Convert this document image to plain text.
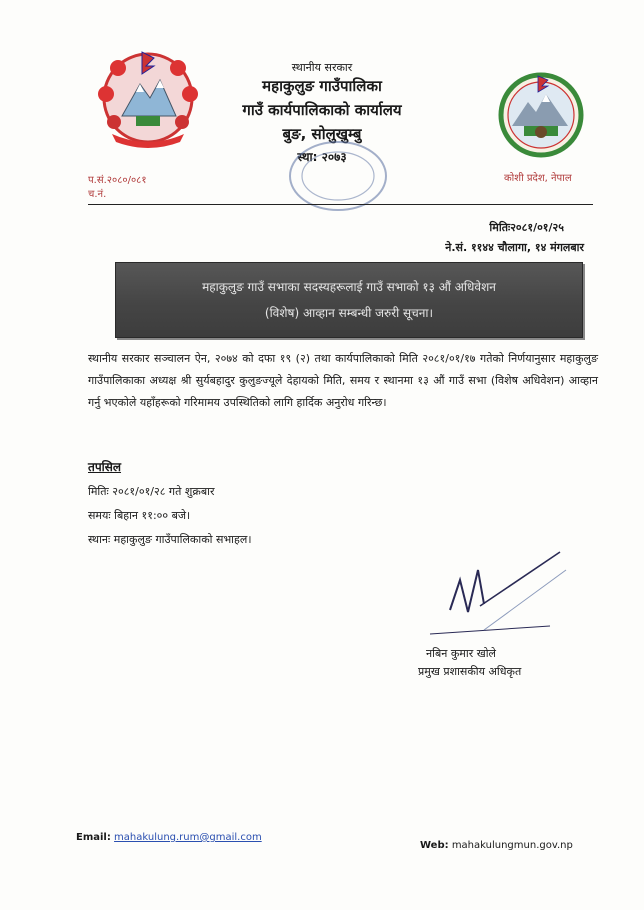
स्थानीय सरकार
महाकुलुङ गाउँपालिका
गाउँ कार्यपालिकाको कार्यालय
बुङ, सोलुखुम्बु
स्था: २०७३
प.सं.२०८०/०८१
च.नं.
कोशी प्रदेश, नेपाल
मितिः२०८१/०१/२५
ने.सं. ११४४ चौलागा, १४ मंगलबार
महाकुलुङ गाउँ सभाका सदस्यहरूलाई गाउँ सभाको १३ औं अधिवेशन
(विशेष) आव्हान सम्बन्धी जरुरी सूचना।
स्थानीय सरकार सञ्चालन ऐन, २०७४ को दफा १९ (२) तथा कार्यपालिकाको मिति २०८१/०१/१७ गतेको निर्णयानुसार महाकुलुङ गाउँपालिकाका अध्यक्ष श्री सुर्यबहादुर कुलुङज्यूले देहायको मिति, समय र स्थानमा १३ औं गाउँ सभा (विशेष अधिवेशन) आव्हान गर्नु भएकोले यहाँहरूको गरिमामय उपस्थितिको लागि हार्दिक अनुरोध गरिन्छ।
तपसिल
मितिः २०८१/०१/२८ गते शुक्रबार
समयः बिहान ११:०० बजे।
स्थानः महाकुलुङ गाउँपालिकाको सभाहल।
नबिन कुमार खोले
प्रमुख प्रशासकीय अधिकृत
Email: mahakulung.rum@gmail.com
Web: mahakulungmun.gov.np
